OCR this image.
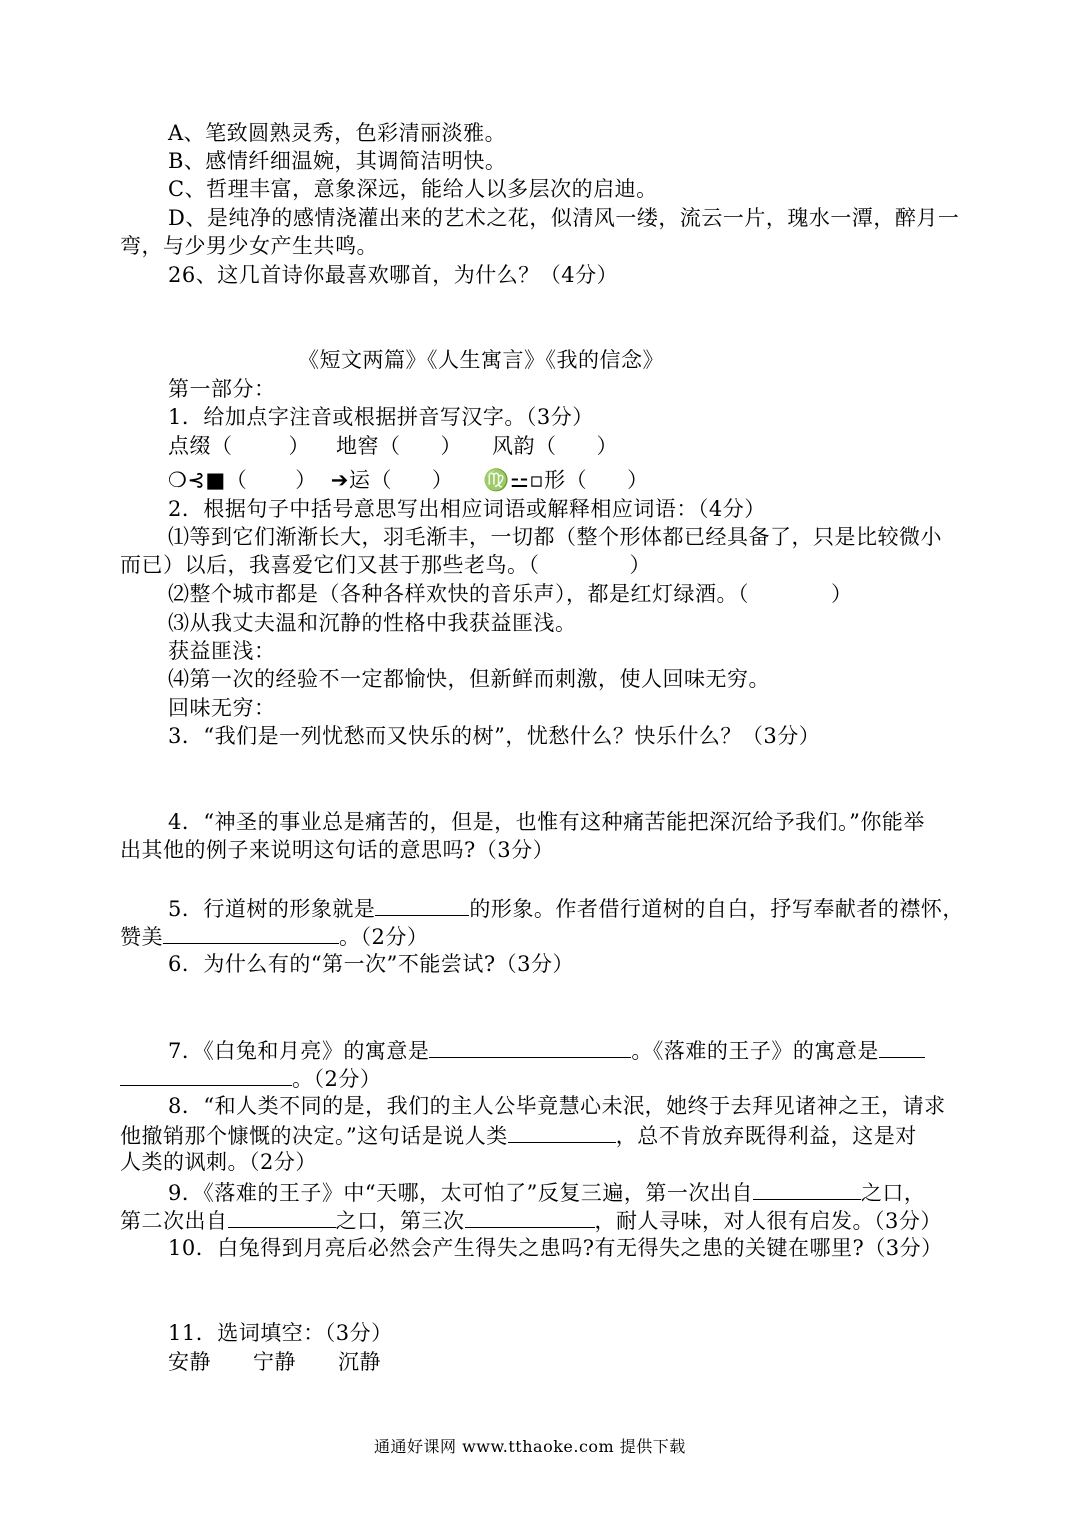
A、笔致圆熟灵秀，色彩清丽淡雅。
B、感情纤细温婉，其调简洁明快。
C、哲理丰富，意象深远，能给人以多层次的启迪。
D、是纯净的感情浇灌出来的艺术之花，似清风一缕，流云一片，瑰水一潭，醉月一
弯，与少男少女产生共鸣。
26、这几首诗你最喜欢哪首，为什么？（4分）
《短文两篇》《人生寓言》《我的信念》
第一部分：
1．给加点字注音或根据拼音写汉字。（3分）
点缀（	） 地窖（ ） 风韵（ ）
❍⊰■（ ） ➔运（ ） ♍⚍▫形（ ）
2．根据句子中括号意思写出相应词语或解释相应词语：（4分）
⑴等到它们渐渐长大，羽毛渐丰，一切都（整个形体都已经具备了，只是比较微小
而已）以后，我喜爱它们又甚于那些老鸟。（	）
⑵整个城市都是（各种各样欢快的音乐声），都是红灯绿酒。（	）
⑶从我丈夫温和沉静的性格中我获益匪浅。
获益匪浅：
⑷第一次的经验不一定都愉快，但新鲜而刺激，使人回味无穷。
回味无穷：
3．“我们是一列忧愁而又快乐的树”，忧愁什么？快乐什么？（3分）
4．“神圣的事业总是痛苦的，但是，也惟有这种痛苦能把深沉给予我们。”你能举
出其他的例子来说明这句话的意思吗?（3分）
5．行道树的形象就是	的形象。作者借行道树的自白，抒写奉献者的襟怀，
赞美	。（2分）
6．为什么有的“第一次”不能尝试?（3分）
7．《白兔和月亮》的寓意是	。《落难的王子》的寓意是
。（2分）
8．“和人类不同的是，我们的主人公毕竟慧心未泯，她终于去拜见诸神之王，请求
他撤销那个慷慨的决定。”这句话是说人类	，总不肯放弃既得利益，这是对
人类的讽刺。（2分）
9．《落难的王子》中“天哪，太可怕了”反复三遍，第一次出自	之口，
第二次出自	之口，第三次	，耐人寻味，对人很有启发。（3分）
10．白兔得到月亮后必然会产生得失之患吗?有无得失之患的关键在哪里?（3分）
11．选词填空：（3分）
安静 宁静 沉静
通通好课网 www.tthaoke.com 提供下载
